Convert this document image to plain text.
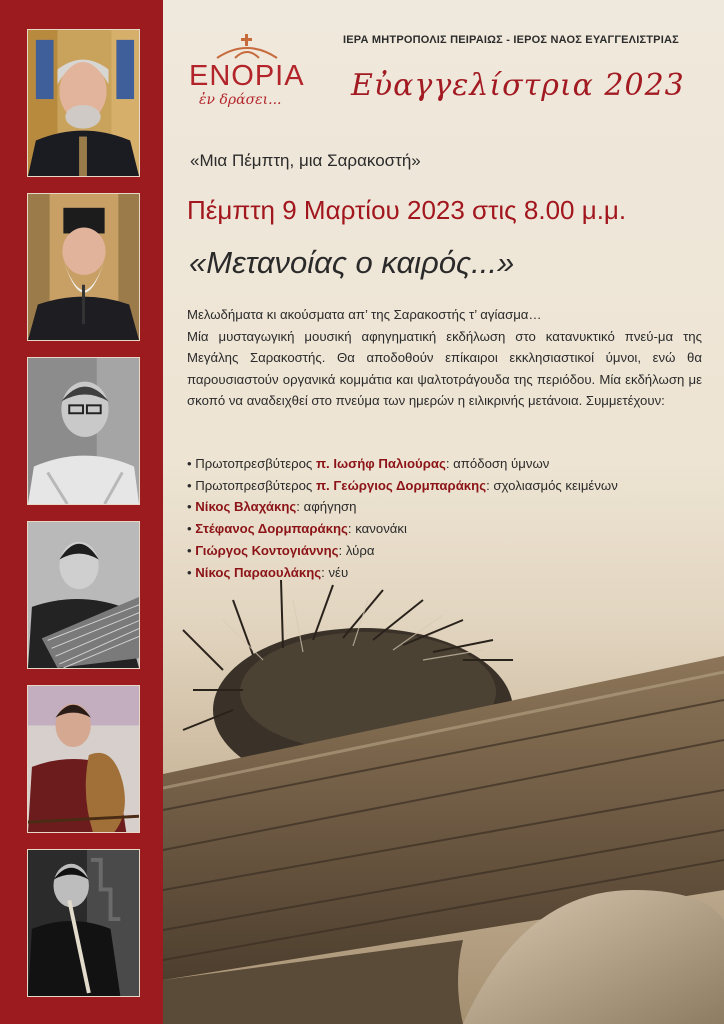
ΕΝΟΡΙΑ
ἐν δράσει...
ΙΕΡΑ ΜΗΤΡΟΠΟΛΙΣ ΠΕΙΡΑΙΩΣ - ΙΕΡΟΣ ΝΑΟΣ ΕΥΑΓΓΕΛΙΣΤΡΙΑΣ
Εὐαγγελίστρια 2023
«Μια Πέμπτη, μια Σαρακοστή»
Πέμπτη 9 Μαρτίου 2023 στις 8.00 μ.μ.
«Μετανοίας ο καιρός...»
Μελωδήματα κι ακούσματα απ’ της Σαρακοστής τ’ αγίασμα…

Μία μυσταγωγική μουσική αφηγηματική εκδήλωση στο κατανυκτικό πνεύ-μα της Μεγάλης Σαρακοστής. Θα αποδοθούν επίκαιροι εκκλησιαστικοί ύμνοι, ενώ θα παρουσιαστούν οργανικά κομμάτια και ψαλτοτράγουδα της περιόδου. Μία εκδήλωση με σκοπό να αναδειχθεί στο πνεύμα των ημερών η ειλικρινής μετάνοια. Συμμετέχουν:

• Πρωτοπρεσβύτερος π. Ιωσήφ Παλιούρας: απόδοση ύμνων
• Πρωτοπρεσβύτερος π. Γεώργιος Δορμπαράκης: σχολιασμός κειμένων
• Νίκος Βλαχάκης: αφήγηση
• Στέφανος Δορμπαράκης: κανονάκι
• Γιώργος Κοντογιάννης: λύρα
• Νίκος Παραουλάκης: νέυ
